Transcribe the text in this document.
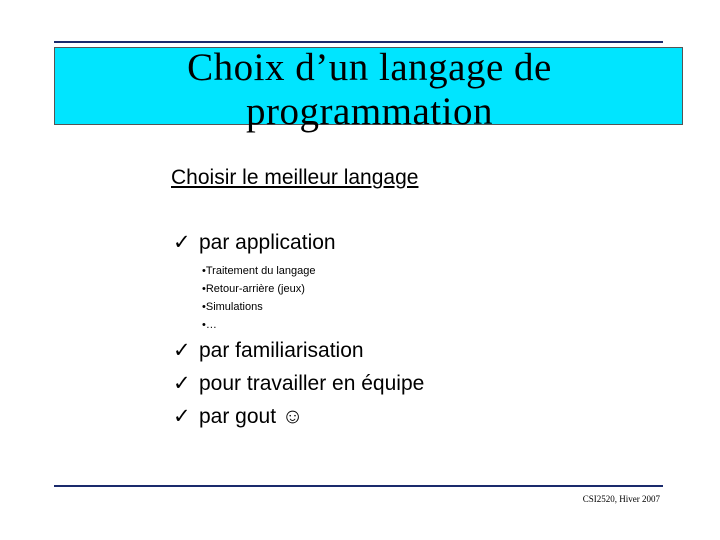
Choix d’un langage de
programmation
Choisir le meilleur langage
✓ par application
•Traitement du langage
•Retour-arrière (jeux)
•Simulations
•…
✓ par familiarisation
✓ pour travailler en équipe
✓ par gout ☺
CSI2520, Hiver 2007
